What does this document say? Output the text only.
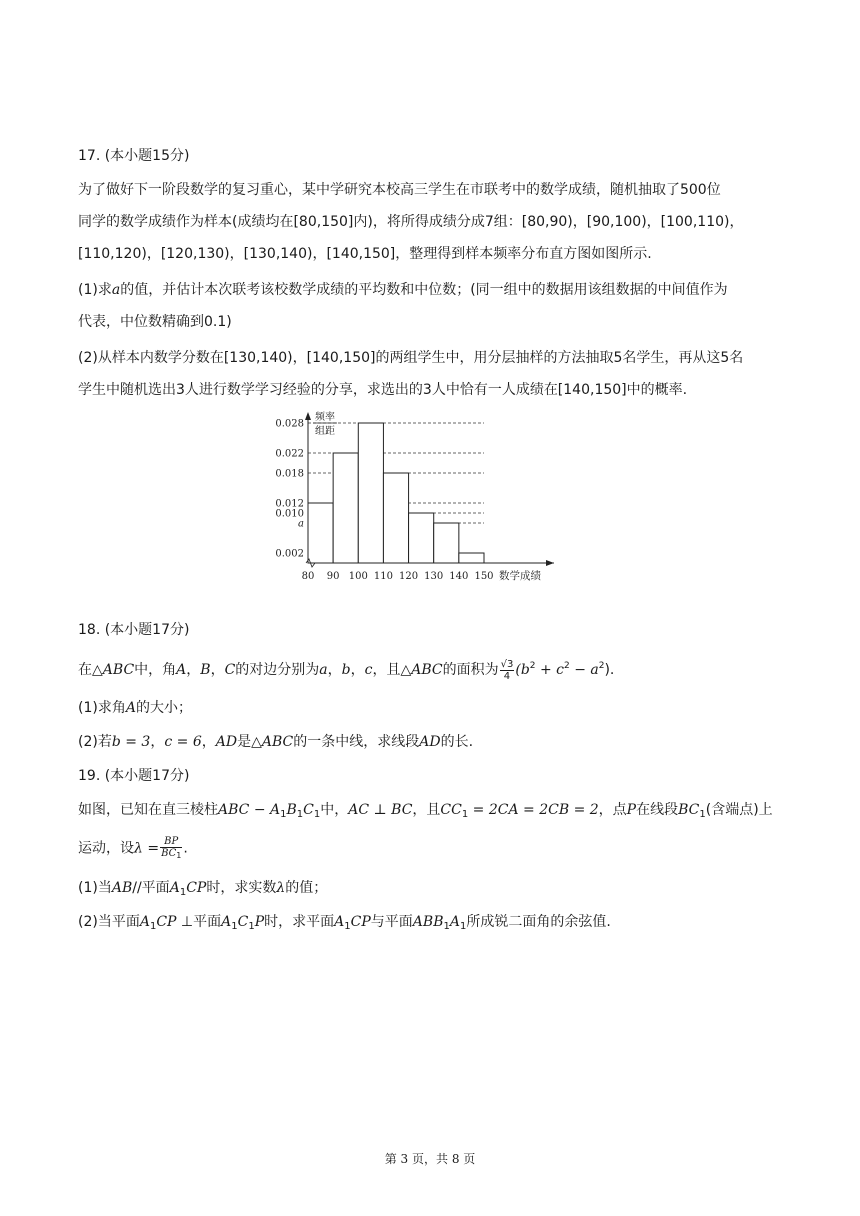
17. (本小题15分)
为了做好下一阶段数学的复习重心，某中学研究本校高三学生在市联考中的数学成绩，随机抽取了500位
同学的数学成绩作为样本(成绩均在[80,150]内)，将所得成绩分成7组：[80,90)，[90,100)，[100,110)，
[110,120)，[120,130)，[130,140)，[140,150]，整理得到样本频率分布直方图如图所示.
(1)求a的值，并估计本次联考该校数学成绩的平均数和中位数；(同一组中的数据用该组数据的中间值作为
代表，中位数精确到0.1)
(2)从样本内数学分数在[130,140)，[140,150]的两组学生中，用分层抽样的方法抽取5名学生，再从这5名
学生中随机选出3人进行数学学习经验的分享，求选出的3人中恰有一人成绩在[140,150]中的概率.
0.028
0.022
0.018
0.012
0.010
a
0.002
80 90 100 110 120 130 140 150
频率
组距
数学成绩
18. (本小题17分)
在△ABC中，角A，B，C的对边分别为a，b，c，且△ABC的面积为 $\frac{√3}{4} (b^2 + c^2 - a^2)$.
(1)求角A的大小；
(2)若b = 3，c = 6，AD是△ABC的一条中线，求线段AD的长.
19. (本小题17分)
如图，已知在直三棱柱ABC − $A_1B_1C_1$中，AC ⊥ BC，且$CC_1 = 2CA = 2CB = 2$，点P在线段$BC_1$(含端点)上
运动，设$\lambda = \frac{BP}{BC_1}$ .
(1)当AB//平面$A_1CP$时，求实数λ的值；
(2)当平面$A_1CP$ ⊥平面$A_1C_1P$时，求平面$A_1CP$与平面$ABB_1A_1$所成锐二面角的余弦值.
第 3 页，共 8 页
